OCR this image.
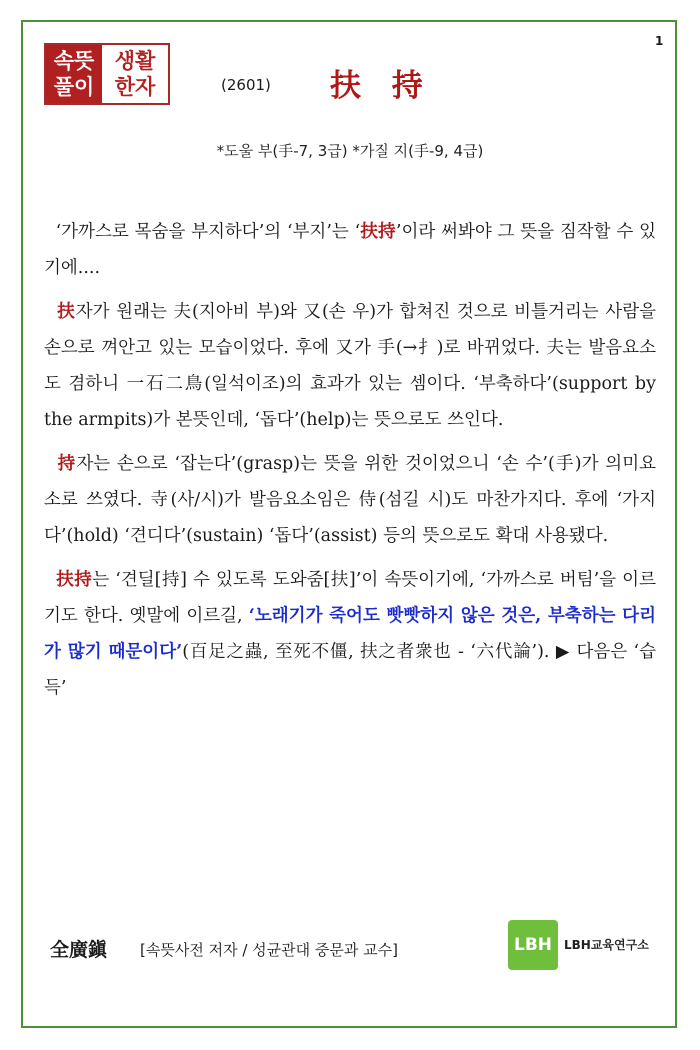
1
속뜻
풀이
생활
한자	(2601) 扶 持
*도울 부(手-7, 3급) *가질 지(手-9, 4급)

‘가까스로 목숨을 부지하다’의 ‘부지’는 ‘扶持’이라 써봐야 그 뜻을 짐작할 수 있기에....

扶자가 원래는 夫(지아비 부)와 又(손 우)가 합쳐진 것으로 비틀거리는 사람을 손으로 껴안고 있는 모습이었다. 후에 又가 手(→扌)로 바뀌었다. 夫는 발음요소도 겸하니 一石二鳥(일석이조)의 효과가 있는 셈이다. ‘부축하다’(support by the armpits)가 본뜻인데, ‘돕다’(help)는 뜻으로도 쓰인다.

持자는 손으로 ‘잡는다’(grasp)는 뜻을 위한 것이었으니 ‘손 수’(手)가 의미요소로 쓰였다. 寺(사/시)가 발음요소임은 侍(섬길 시)도 마찬가지다. 후에 ‘가지다’(hold) ‘견디다’(sustain) ‘돕다’(assist) 등의 뜻으로도 확대 사용됐다.

扶持는 ‘견딜[持] 수 있도록 도와줌[扶]’이 속뜻이기에, ‘가까스로 버팀’을 이르기도 한다. 옛말에 이르길, ‘노래기가 죽어도 빳빳하지 않은 것은, 부축하는 다리가 많기 때문이다’(百足之蟲, 至死不僵, 扶之者衆也 - ‘六代論’). ▶ 다음은 ‘습득’

全廣鎭 [속뜻사전 저자 / 성균관대 중문과 교수]	LBH LBH교육연구소
